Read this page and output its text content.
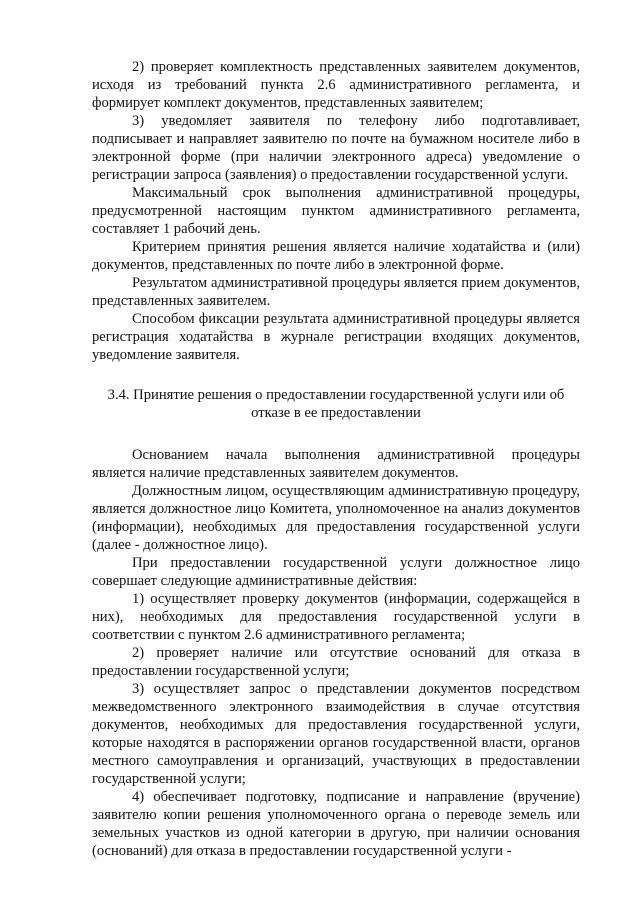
2) проверяет комплектность представленных заявителем документов, исходя из требований пункта 2.6 административного регламента, и формирует комплект документов, представленных заявителем;

3) уведомляет заявителя по телефону либо подготавливает, подписывает и направляет заявителю по почте на бумажном носителе либо в электронной форме (при наличии электронного адреса) уведомление о регистрации запроса (заявления) о предоставлении государственной услуги.

Максимальный срок выполнения административной процедуры, предусмотренной настоящим пунктом административного регламента, составляет 1 рабочий день.

Критерием принятия решения является наличие ходатайства и (или) документов, представленных по почте либо в электронной форме.

Результатом административной процедуры является прием документов, представленных заявителем.

Способом фиксации результата административной процедуры является регистрация ходатайства в журнале регистрации входящих документов, уведомление заявителя.

3.4. Принятие решения о предоставлении государственной услуги или об отказе в ее предоставлении

Основанием начала выполнения административной процедуры является наличие представленных заявителем документов.

Должностным лицом, осуществляющим административную процедуру, является должностное лицо Комитета, уполномоченное на анализ документов (информации), необходимых для предоставления государственной услуги (далее - должностное лицо).

При предоставлении государственной услуги должностное лицо совершает следующие административные действия:

1) осуществляет проверку документов (информации, содержащейся в них), необходимых для предоставления государственной услуги в соответствии с пунктом 2.6 административного регламента;

2) проверяет наличие или отсутствие оснований для отказа в предоставлении государственной услуги;

3) осуществляет запрос о представлении документов посредством межведомственного электронного взаимодействия в случае отсутствия документов, необходимых для предоставления государственной услуги, которые находятся в распоряжении органов государственной власти, органов местного самоуправления и организаций, участвующих в предоставлении государственной услуги;

4) обеспечивает подготовку, подписание и направление (вручение) заявителю копии решения уполномоченного органа о переводе земель или земельных участков из одной категории в другую, при наличии основания (оснований) для отказа в предоставлении государственной услуги -
